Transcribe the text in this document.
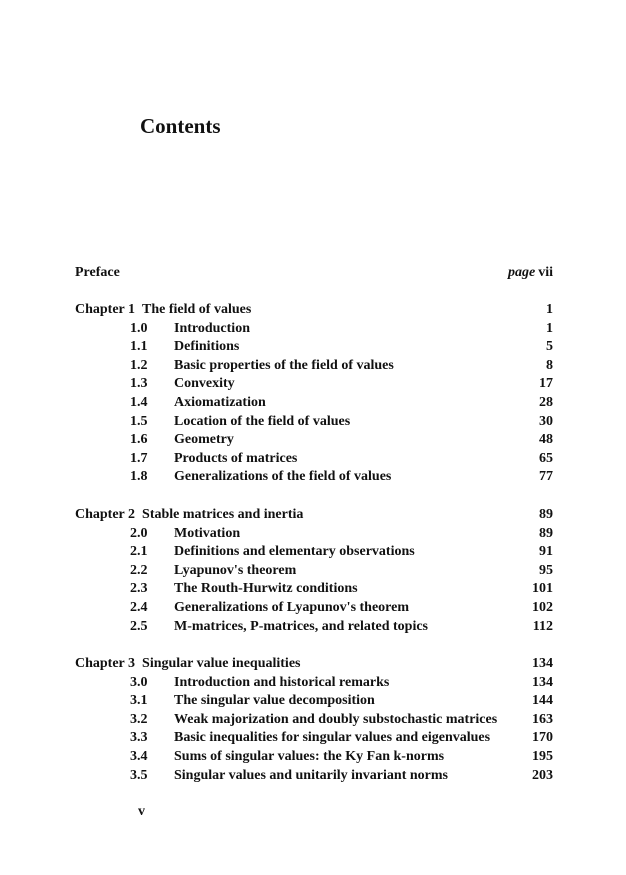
Contents
Preface	page vii
Chapter 1 The field of values	1
1.0 Introduction	1
1.1 Definitions	5
1.2 Basic properties of the field of values	8
1.3 Convexity	17
1.4 Axiomatization	28
1.5 Location of the field of values	30
1.6 Geometry	48
1.7 Products of matrices	65
1.8 Generalizations of the field of values	77
Chapter 2 Stable matrices and inertia	89
2.0 Motivation	89
2.1 Definitions and elementary observations	91
2.2 Lyapunov's theorem	95
2.3 The Routh-Hurwitz conditions	101
2.4 Generalizations of Lyapunov's theorem	102
2.5 M-matrices, P-matrices, and related topics	112
Chapter 3 Singular value inequalities	134
3.0 Introduction and historical remarks	134
3.1 The singular value decomposition	144
3.2 Weak majorization and doubly substochastic matrices 163
3.3 Basic inequalities for singular values and eigenvalues	170
3.4 Sums of singular values: the Ky Fan k-norms	195
3.5 Singular values and unitarily invariant norms	203
v
